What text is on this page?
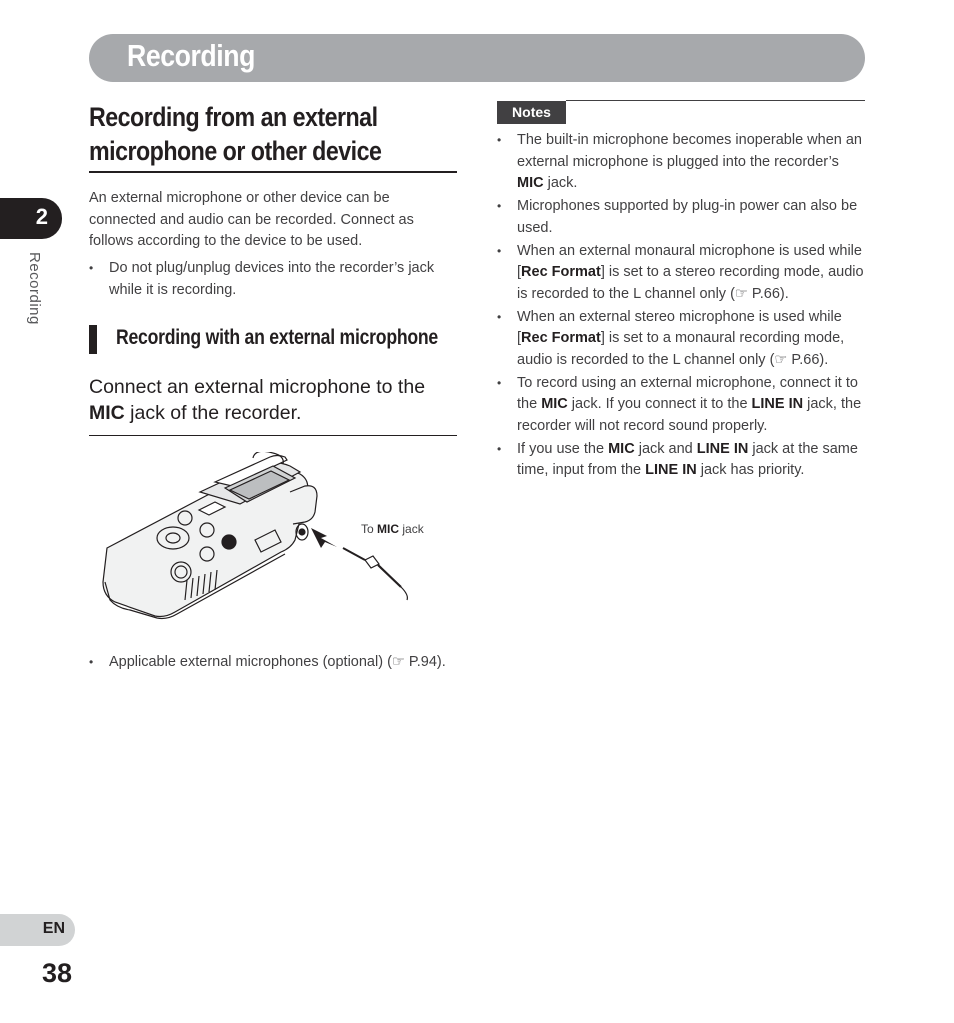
Recording
2
Recording
Recording from an external
microphone or other device
An external microphone or other device can be connected and audio can be recorded. Connect as follows according to the device to be used.
• Do not plug/unplug devices into the recorder’s jack while it is recording.
Recording with an external microphone
Connect an external microphone to the MIC jack of the recorder.
To MIC jack
• Applicable external microphones (optional) (☞ P.94).
Notes
• The built-in microphone becomes inoperable when an external microphone is plugged into the recorder’s MIC jack.
• Microphones supported by plug-in power can also be used.
• When an external monaural microphone is used while [Rec Format] is set to a stereo recording mode, audio is recorded to the L channel only (☞ P.66).
• When an external stereo microphone is used while [Rec Format] is set to a monaural recording mode, audio is recorded to the L channel only (☞ P.66).
• To record using an external microphone, connect it to the MIC jack. If you connect it to the LINE IN jack, the recorder will not record sound properly.
• If you use the MIC jack and LINE IN jack at the same time, input from the LINE IN jack has priority.
EN
38
